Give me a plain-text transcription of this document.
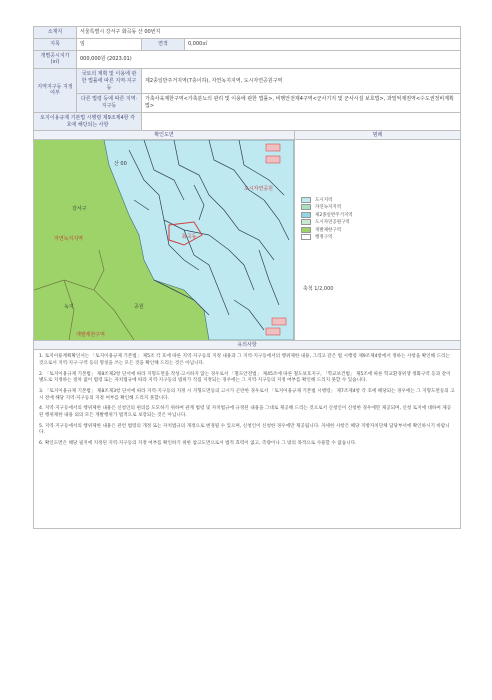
소재지	서울특별시 강서구 화곡동 산 00번지		
지목	임	면적	0,000㎡
개별공시지가(㎡)	000,000원 (2023.01)		
지역지구등 지정여부	국토의 계획 및 이용에 관한 법률에 따른 지역·지구등	제2종일반주거지역(7층이하), 자연녹지지역, 도시자연공원구역	
	다른 법령 등에 따른 지역·지구등	가축사육제한구역<가축분뇨의 관리 및 이용에 관한 법률>, 비행안전제4구역<군사기지 및 군사시설 보호법>, 과밀억제권역<수도권정비계획법>	
토지이용규제 기본법 시행령 제9조제4항 각 호에 해당되는 사항			
확인도면	범례
강서구
화곡동
자연녹지지역
도시자연공원
개발제한구역
산 00
공원
녹지
도시지역
자연녹지지역
제2종일반주거지역
도시자연공원구역
개발제한구역
행정구역
축척 1/2,000
유의사항

1. 토지이용계획확인서는 「토지이용규제 기본법」 제5조 각 호에 따른 지역·지구등의 지정 내용과 그 지역·지구등에서의 행위제한 내용, 그리고 같은 법 시행령 제9조제4항에서 정하는 사항을 확인해 드리는 것으로서 지역·지구·구역 등의 명칭을 쓰는 모든 것을 확인해 드리는 것은 아닙니다.

2. 「토지이용규제 기본법」 제8조제2항 단서에 따라 지형도면을 작성·고시하지 않는 경우로서 「철도안전법」 제45조에 따른 철도보호지구, 「학교보건법」 제5조에 따른 학교환경위생 정화구역 등과 같이 별도로 지정하는 절차 없이 법령 또는 자치법규에 따라 지역·지구등의 범위가 직접 지정되는 경우에는 그 지역·지구등의 지정 여부를 확인해 드리지 못할 수 있습니다.

3. 「토지이용규제 기본법」 제8조제3항 단서에 따라 지역·지구등의 지정 시 지형도면등의 고시가 곤란한 경우로서 「토지이용규제 기본법 시행령」 제7조제4항 각 호에 해당되는 경우에는 그 지형도면등의 고시 전에 해당 지역·지구등의 지정 여부를 확인해 드리지 못합니다.

4. 지역·지구등에서의 행위제한 내용은 신청인의 편의를 도모하기 위하여 관계 법령 및 자치법규에 규정된 내용을 그대로 제공해 드리는 것으로서 신청인이 신청한 경우에만 제공되며, 신청 토지에 대하여 제공된 행위제한 내용 외의 모든 개발행위가 법적으로 보장되는 것은 아닙니다.

5. 지역·지구등에서의 행위제한 내용은 관련 법령의 개정 또는 자치법규의 개정으로 변경될 수 있으며, 신청인이 신청한 경우에만 제공됩니다. 자세한 사항은 해당 지방자치단체 담당부서에 확인하시기 바랍니다.

6. 확인도면은 해당 필지에 지정된 지역·지구등의 지정 여부를 확인하기 위한 참고도면으로서 법적 효력이 없고, 측량이나 그 밖의 목적으로 사용할 수 없습니다.
